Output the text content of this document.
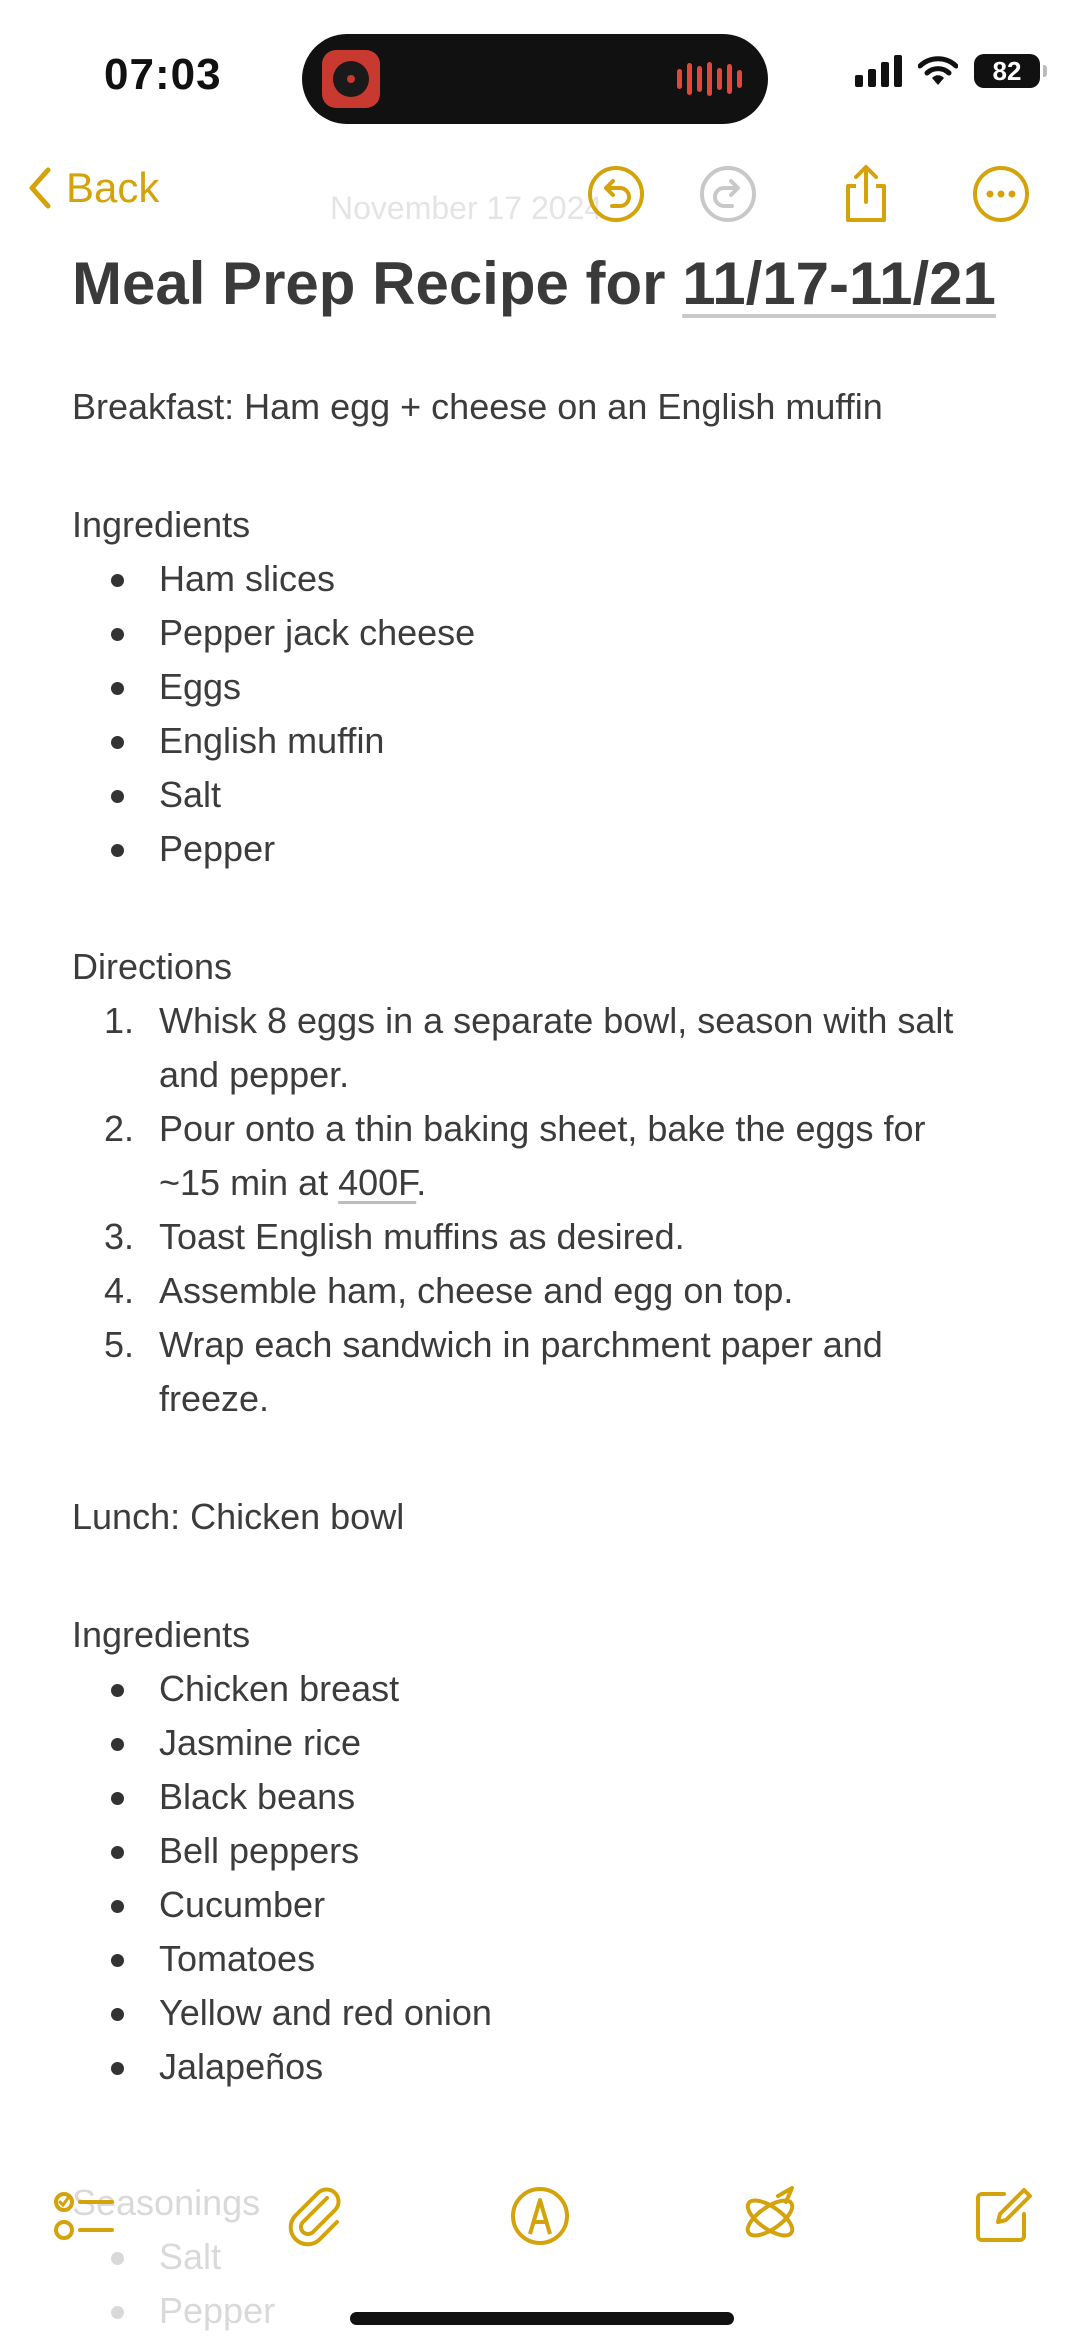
07:03	82
November 17 2024
Back
Meal Prep Recipe for 11/17-11/21
Breakfast: Ham egg + cheese on an English muffin
Ingredients
Ham slices
Pepper jack cheese
Eggs
English muffin
Salt
Pepper
Directions
1. Whisk 8 eggs in a separate bowl, season with salt
and pepper.
2. Pour onto a thin baking sheet, bake the eggs for
~15 min at 400F.
3. Toast English muffins as desired.
4. Assemble ham, cheese and egg on top.
5. Wrap each sandwich in parchment paper and
freeze.
Lunch: Chicken bowl
Ingredients
Chicken breast
Jasmine rice
Black beans
Bell peppers
Cucumber
Tomatoes
Yellow and red onion
Jalapeños
Seasonings
Salt
Pepper
